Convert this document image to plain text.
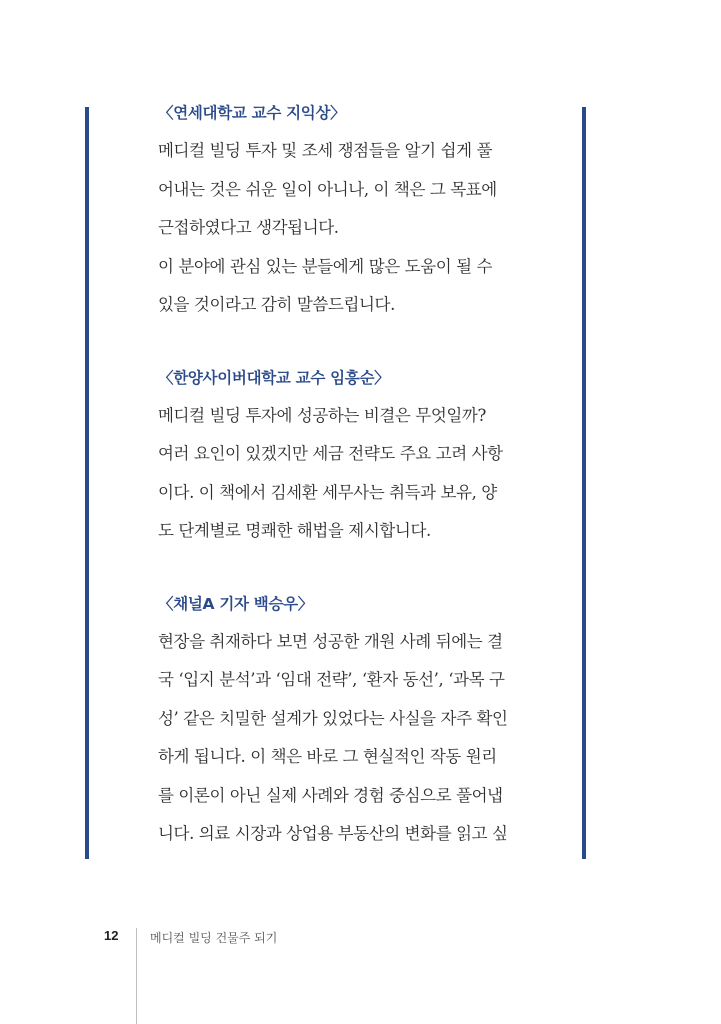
〈연세대학교 교수 지익상〉
메디컬 빌딩 투자 및 조세 쟁점들을 알기 쉽게 풀
어내는 것은 쉬운 일이 아니나, 이 책은 그 목표에
근접하였다고 생각됩니다.
이 분야에 관심 있는 분들에게 많은 도움이 될 수
있을 것이라고 감히 말씀드립니다.
〈한양사이버대학교 교수 임흥순〉
메디컬 빌딩 투자에 성공하는 비결은 무엇일까?
여러 요인이 있겠지만 세금 전략도 주요 고려 사항
이다. 이 책에서 김세환 세무사는 취득과 보유, 양
도 단계별로 명쾌한 해법을 제시합니다.
〈채널A 기자 백승우〉
현장을 취재하다 보면 성공한 개원 사례 뒤에는 결
국 ‘입지 분석’과 ‘임대 전략’, ‘환자 동선’, ‘과목 구
성’ 같은 치밀한 설계가 있었다는 사실을 자주 확인
하게 됩니다. 이 책은 바로 그 현실적인 작동 원리
를 이론이 아닌 실제 사례와 경험 중심으로 풀어냅
니다. 의료 시장과 상업용 부동산의 변화를 읽고 싶
12	메디컬 빌딩 건물주 되기
